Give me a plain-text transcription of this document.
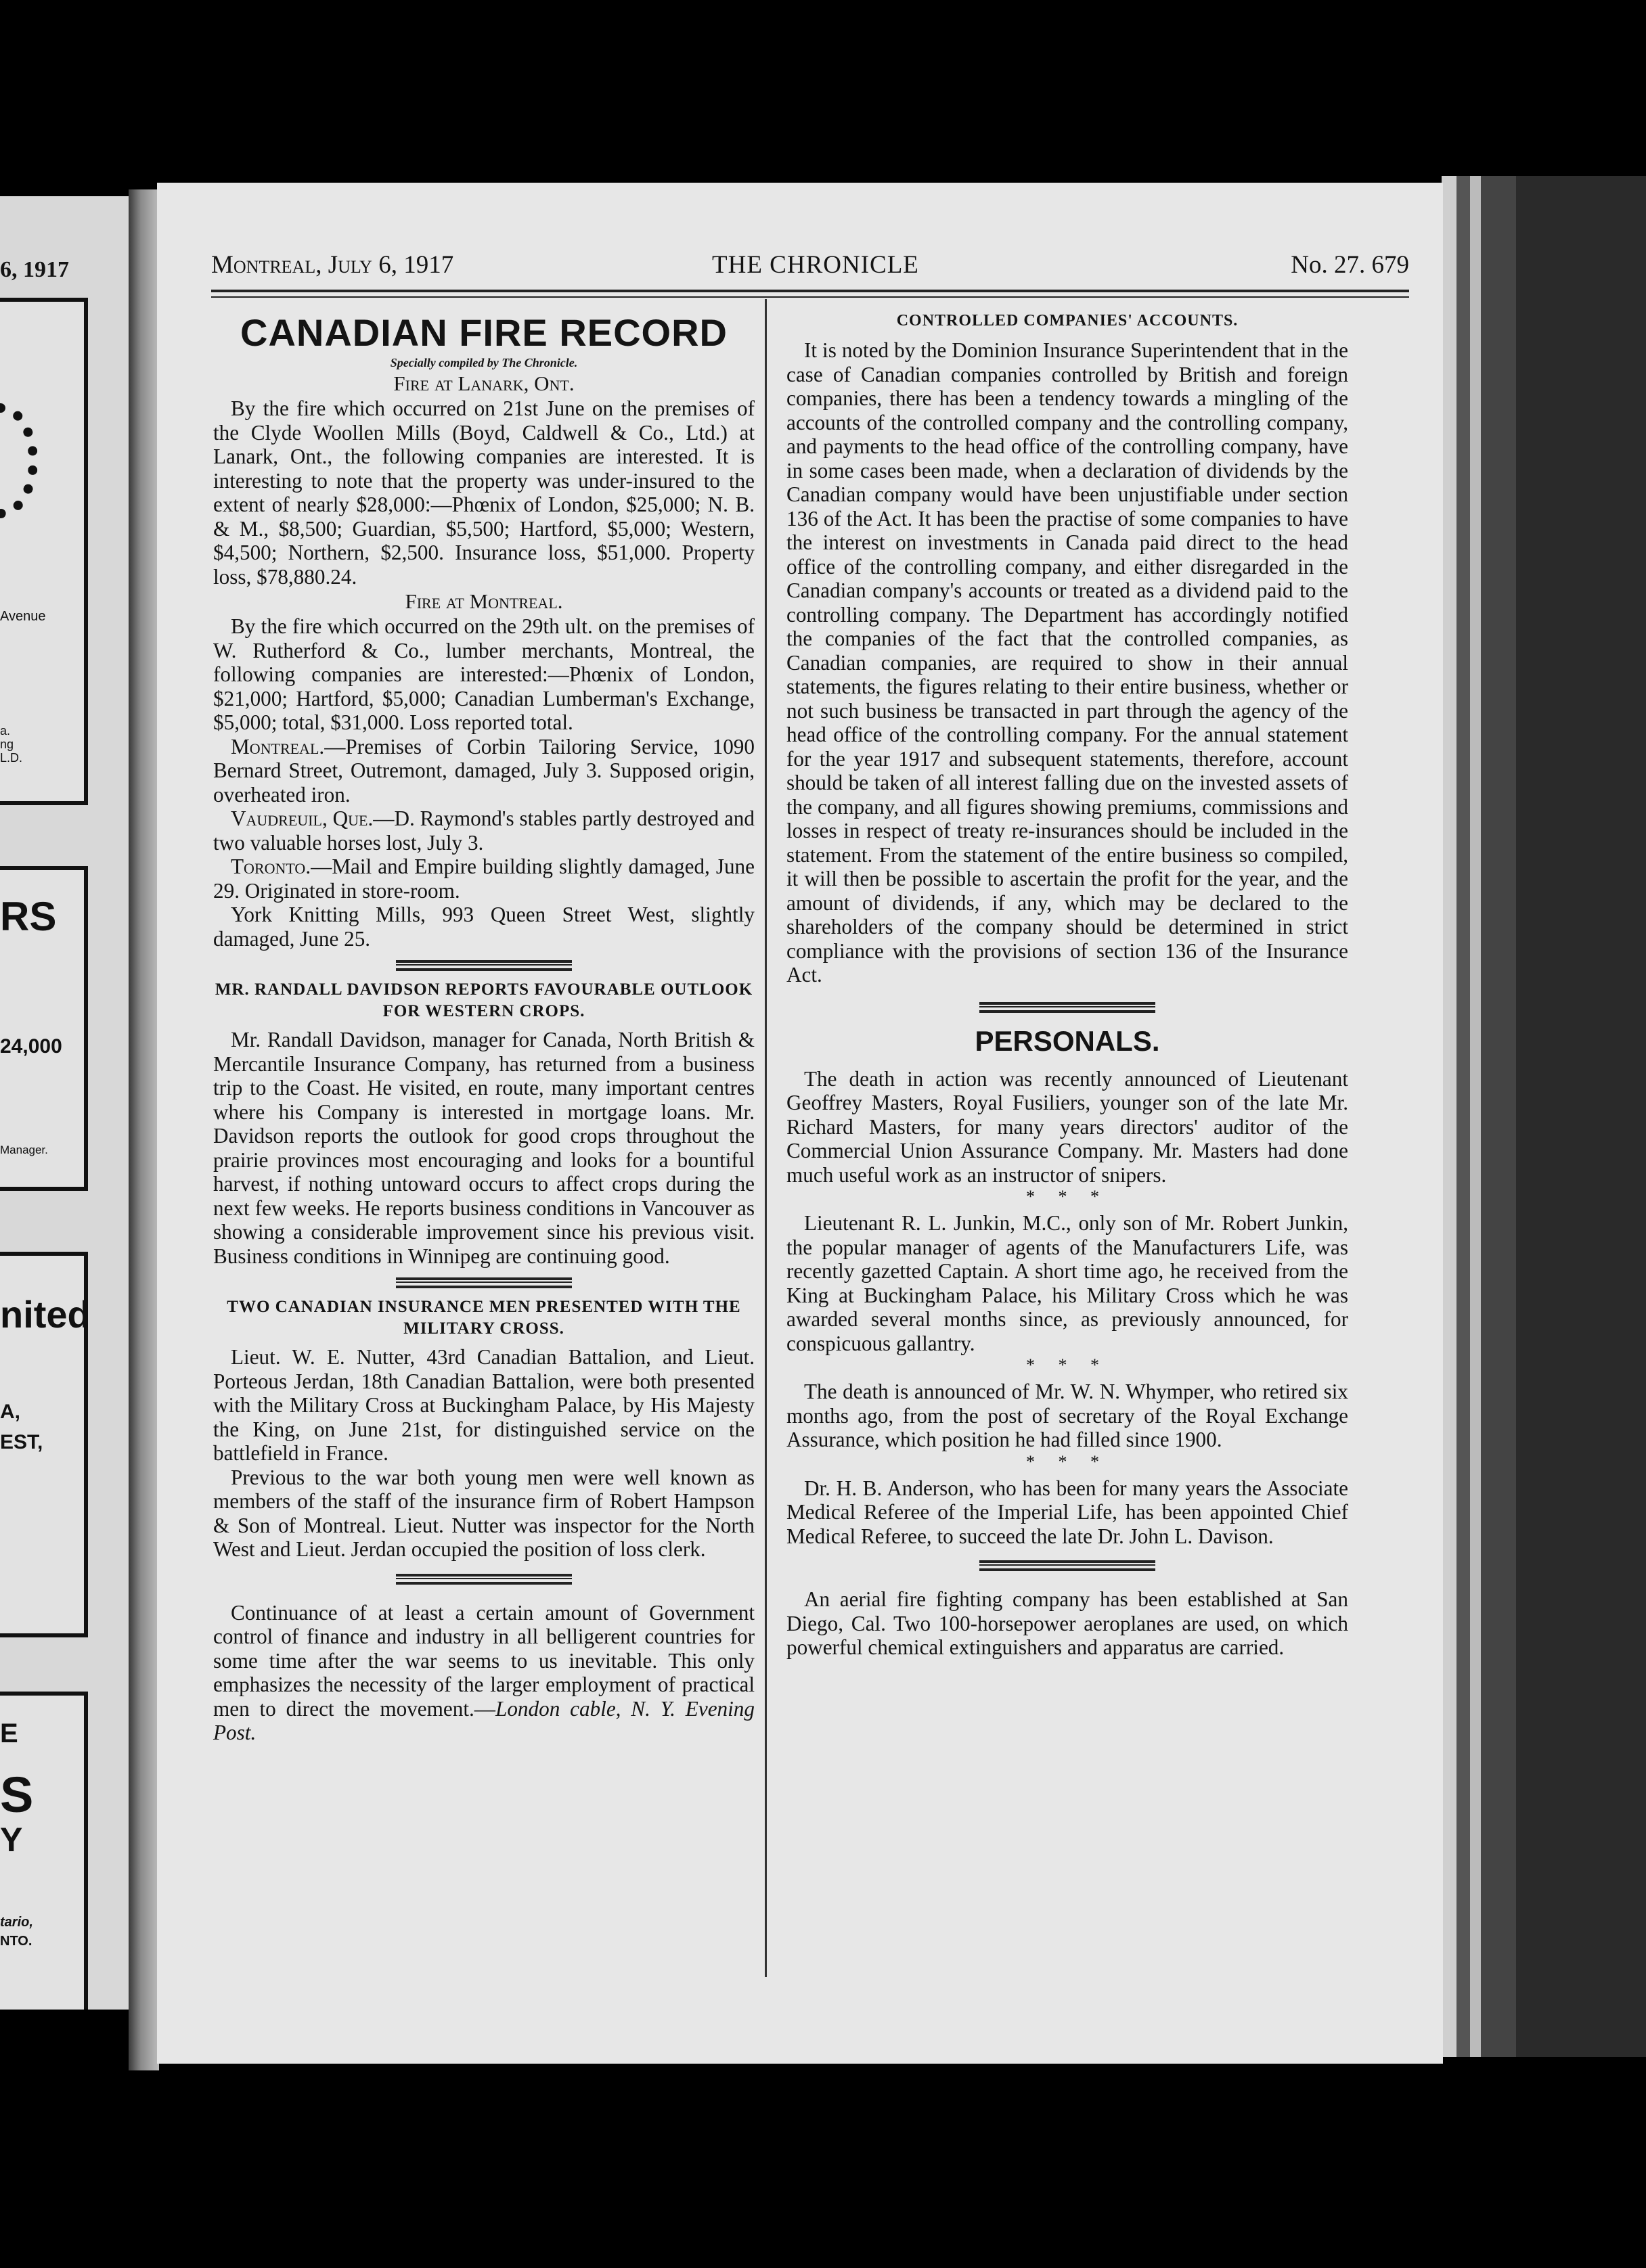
6, 1917
Avenue
a.
ng
L.D.
RS
24,000
Manager.
nited
A,
EST,
E
S
Y
tario,
NTO.
Montreal, July 6, 1917	THE CHRONICLE	No. 27. 679
CANADIAN FIRE RECORD
Specially compiled by The Chronicle.
Fire at Lanark, Ont.

By the fire which occurred on 21st June on the premises of the Clyde Woollen Mills (Boyd, Caldwell & Co., Ltd.) at Lanark, Ont., the following companies are interested. It is interesting to note that the property was under-insured to the extent of nearly $28,000:—Phœnix of London, $25,000; N. B. & M., $8,500; Guardian, $5,500; Hartford, $5,000; Western, $4,500; Northern, $2,500. Insurance loss, $51,000. Property loss, $78,880.24.

Fire at Montreal.

By the fire which occurred on the 29th ult. on the premises of W. Rutherford & Co., lumber merchants, Montreal, the following companies are interested:—Phœnix of London, $21,000; Hartford, $5,000; Canadian Lumberman's Exchange, $5,000; total, $31,000. Loss reported total.

Montreal.—Premises of Corbin Tailoring Service, 1090 Bernard Street, Outremont, damaged, July 3. Supposed origin, overheated iron.

Vaudreuil, Que.—D. Raymond's stables partly destroyed and two valuable horses lost, July 3.

Toronto.—Mail and Empire building slightly damaged, June 29. Originated in store-room.

York Knitting Mills, 993 Queen Street West, slightly damaged, June 25.

MR. RANDALL DAVIDSON REPORTS FAVOURABLE OUTLOOK FOR WESTERN CROPS.

Mr. Randall Davidson, manager for Canada, North British & Mercantile Insurance Company, has returned from a business trip to the Coast. He visited, en route, many important centres where his Company is interested in mortgage loans. Mr. Davidson reports the outlook for good crops throughout the prairie provinces most encouraging and looks for a bountiful harvest, if nothing untoward occurs to affect crops during the next few weeks. He reports business conditions in Vancouver as showing a considerable improvement since his previous visit. Business conditions in Winnipeg are continuing good.

TWO CANADIAN INSURANCE MEN PRESENTED WITH THE MILITARY CROSS.

Lieut. W. E. Nutter, 43rd Canadian Battalion, and Lieut. Porteous Jerdan, 18th Canadian Battalion, were both presented with the Military Cross at Buckingham Palace, by His Majesty the King, on June 21st, for distinguished service on the battlefield in France.

Previous to the war both young men were well known as members of the staff of the insurance firm of Robert Hampson & Son of Montreal. Lieut. Nutter was inspector for the North West and Lieut. Jerdan occupied the position of loss clerk.

Continuance of at least a certain amount of Government control of finance and industry in all belligerent countries for some time after the war seems to us inevitable. This only emphasizes the necessity of the larger employment of practical men to direct the movement.—London cable, N. Y. Evening Post.

CONTROLLED COMPANIES' ACCOUNTS.

It is noted by the Dominion Insurance Superintendent that in the case of Canadian companies controlled by British and foreign companies, there has been a tendency towards a mingling of the accounts of the controlled company and the controlling company, and payments to the head office of the controlling company, have in some cases been made, when a declaration of dividends by the Canadian company would have been unjustifiable under section 136 of the Act. It has been the practise of some companies to have the interest on investments in Canada paid direct to the head office of the controlling company, and either disregarded in the Canadian company's accounts or treated as a dividend paid to the controlling company. The Department has accordingly notified the companies of the fact that the controlled companies, as Canadian companies, are required to show in their annual statements, the figures relating to their entire business, whether or not such business be transacted in part through the agency of the head office of the controlling company. For the annual statement for the year 1917 and subsequent statements, therefore, account should be taken of all interest falling due on the invested assets of the company, and all figures showing premiums, commissions and losses in respect of treaty re-insurances should be included in the statement. From the statement of the entire business so compiled, it will then be possible to ascertain the profit for the year, and the amount of dividends, if any, which may be declared to the shareholders of the company should be determined in strict compliance with the provisions of section 136 of the Insurance Act.

PERSONALS.

The death in action was recently announced of Lieutenant Geoffrey Masters, Royal Fusiliers, younger son of the late Mr. Richard Masters, for many years directors' auditor of the Commercial Union Assurance Company. Mr. Masters had done much useful work as an instructor of snipers.

* * *

Lieutenant R. L. Junkin, M.C., only son of Mr. Robert Junkin, the popular manager of agents of the Manufacturers Life, was recently gazetted Captain. A short time ago, he received from the King at Buckingham Palace, his Military Cross which he was awarded several months since, as previously announced, for conspicuous gallantry.

* * *

The death is announced of Mr. W. N. Whymper, who retired six months ago, from the post of secretary of the Royal Exchange Assurance, which position he had filled since 1900.

* * *

Dr. H. B. Anderson, who has been for many years the Associate Medical Referee of the Imperial Life, has been appointed Chief Medical Referee, to succeed the late Dr. John L. Davison.

An aerial fire fighting company has been established at San Diego, Cal. Two 100-horsepower aeroplanes are used, on which powerful chemical extinguishers and apparatus are carried.
